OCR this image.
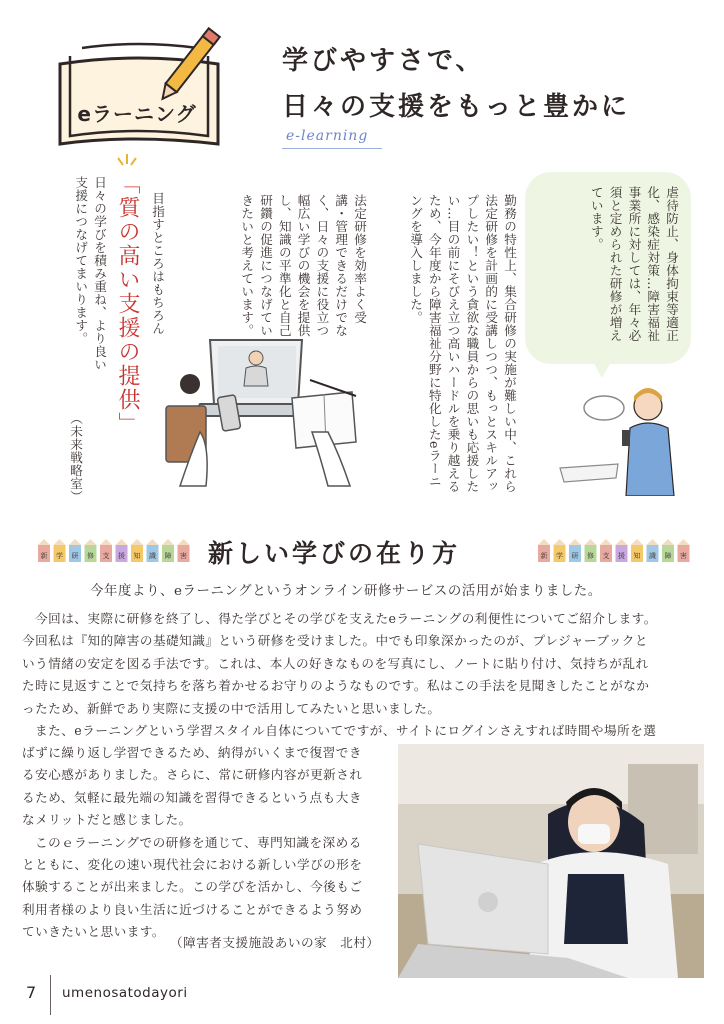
eラーニング
学びやすさで、
日々の支援をもっと豊かに
e-learning
虐待防止、身体拘束等適正化、感染症対策…障害福祉事業所に対しては、年々必須と定められた研修が増えています。
勤務の特性上、集合研修の実施が難しい中、これら法定研修を計画的に受講しつつ、もっとスキルアップしたい！という貪欲な職員からの思いも応援したい…目の前にそびえ立つ高いハードルを乗り越えるため、今年度から障害福祉分野に特化したeラーニングを導入しました。
法定研修を効率よく受講・管理できるだけでなく、日々の支援に役立つ幅広い学びの機会を提供し、知識の平準化と自己研鑽の促進につなげていきたいと考えています。
目指すところはもちろん
「質の高い支援の提供」
日々の学びを積み重ね、より良い支援につなげてまいります。
（未来戦略室）
新 学 研 修 支 援 知 識 障 害 新しい学びの在り方	新 学 研 修 支 援 知 識 障 害
今年度より、eラーニングというオンライン研修サービスの活用が始まりました。
今回は、実際に研修を終了し、得た学びとその学びを支えたeラーニングの利便性についてご紹介します。
今回私は『知的障害の基礎知識』という研修を受けました。中でも印象深かったのが、プレジャーブックと
いう情緒の安定を図る手法です。これは、本人の好きなものを写真にし、ノートに貼り付け、気持ちが乱れ
た時に見返すことで気持ちを落ち着かせるお守りのようなものです。私はこの手法を見聞きしたことがなか
ったため、新鮮であり実際に支援の中で活用してみたいと思いました。
また、eラーニングという学習スタイル自体についてですが、サイトにログインさえすれば時間や場所を選
ばずに繰り返し学習できるため、納得がいくまで復習でき
る安心感がありました。さらに、常に研修内容が更新され
るため、気軽に最先端の知識を習得できるという点も大き
なメリットだと感じました。
このｅラーニングでの研修を通じて、専門知識を深める
とともに、変化の速い現代社会における新しい学びの形を
体験することが出来ました。この学びを活かし、今後もご
利用者様のより良い生活に近づけることができるよう努め
ていきたいと思います。
（障害者支援施設あいの家　北村）
7 umenosatodayori
